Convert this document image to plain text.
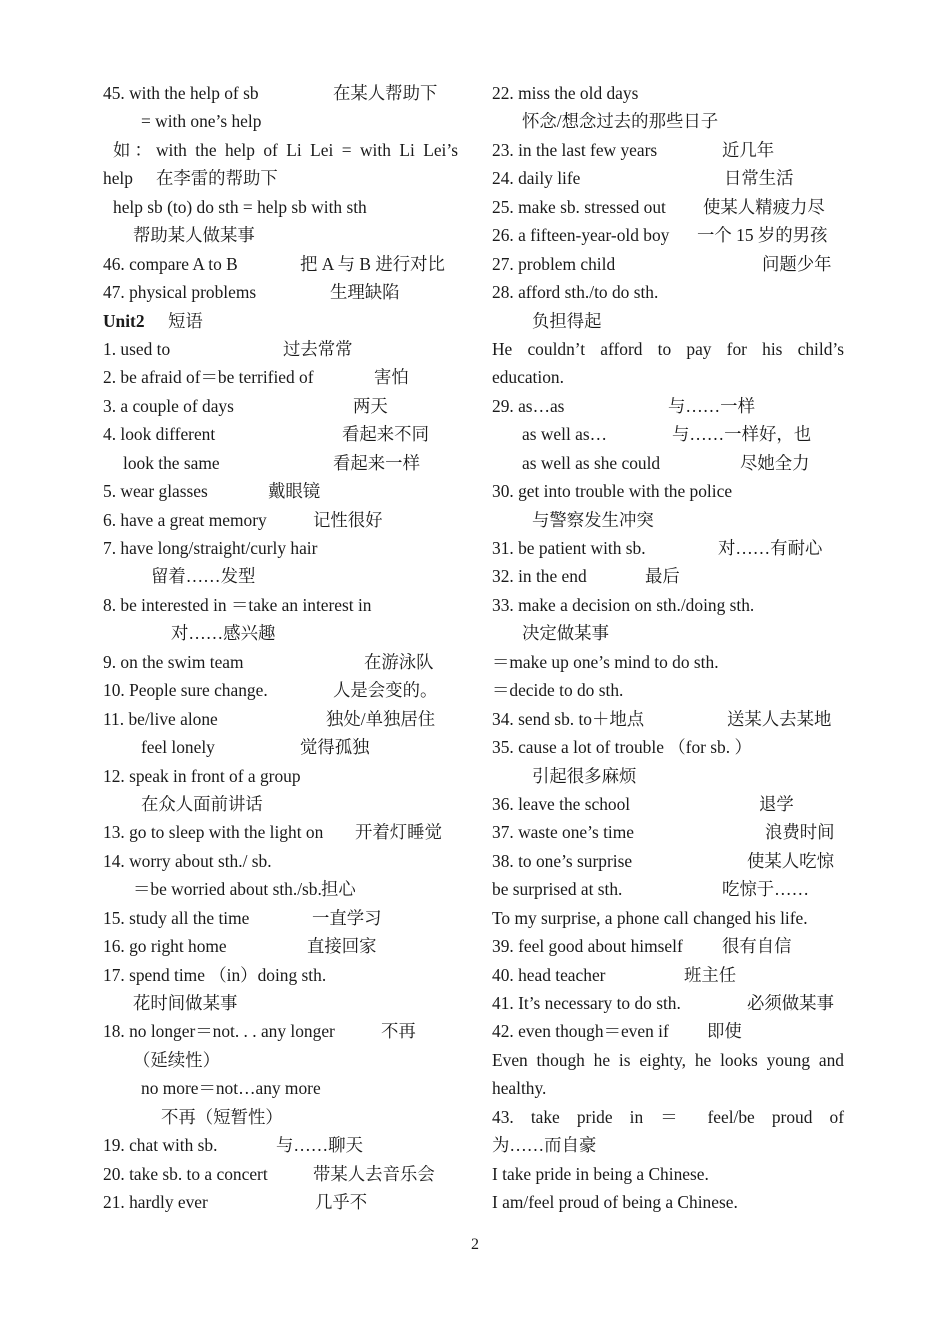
45. with the help of sb	在某人帮助下
= with one’s help
如：with the help of Li Lei = with Li Lei’s
help 在李雷的帮助下
help sb (to) do sth = help sb with sth
帮助某人做某事
46. compare A to B	把 A 与 B 进行对比
47. physical problems	生理缺陷
Unit2 短语
1. used to	过去常常
2. be afraid of＝be terrified of	害怕
3. a couple of days	两天
4. look different	看起来不同
look the same	看起来一样
5. wear glasses	戴眼镜
6. have a great memory	记性很好
7. have long/straight/curly hair
留着……发型
8. be interested in ＝take an interest in
对……感兴趣
9. on the swim team	在游泳队
10. People sure change.	人是会变的。
11. be/live alone	独处/单独居住
feel lonely	觉得孤独
12. speak in front of a group
在众人面前讲话
13. go to sleep with the light on 开着灯睡觉
14. worry about sth./ sb.
＝be worried about sth./sb. 担心
15. study all the time	一直学习
16. go right home	直接回家
17. spend time （in）doing sth.
花时间做某事
18. no longer＝not. . . any longer	不再
（延续性）
no more＝not…any more
不再（短暂性）
19. chat with sb.	与……聊天
20. take sb. to a concert	带某人去音乐会
21. hardly ever	几乎不
22. miss the old days
怀念/想念过去的那些日子
23. in the last few years	近几年
24. daily life	日常生活
25. make sb. stressed out 使某人精疲力尽
26. a fifteen-year-old boy 一个 15 岁的男孩
27. problem child	问题少年
28. afford sth./to do sth.
负担得起
He couldn’t afford to pay for his child’s
education.
29. as…as	与……一样
as well as…	与……一样好，也
as well as she could	尽她全力
30. get into trouble with the police
与警察发生冲突
31. be patient with sb.	对……有耐心
32. in the end	最后
33. make a decision on sth./doing sth.
决定做某事
＝make up one’s mind to do sth.
＝decide to do sth.
34. send sb. to＋地点	送某人去某地
35. cause a lot of trouble （for sb. ）
引起很多麻烦
36. leave the school	退学
37. waste one’s time	浪费时间
38. to one’s surprise	使某人吃惊
be surprised at sth.	吃惊于……
To my surprise, a phone call changed his life.
39. feel good about himself 很有自信
40. head teacher	班主任
41. It’s necessary to do sth.	必须做某事
42. even though＝even if 即使
Even though he is eighty, he looks young and
healthy.
43. take pride in ＝ feel/be proud of
为……而自豪
I take pride in being a Chinese.
I am/feel proud of being a Chinese.
2
